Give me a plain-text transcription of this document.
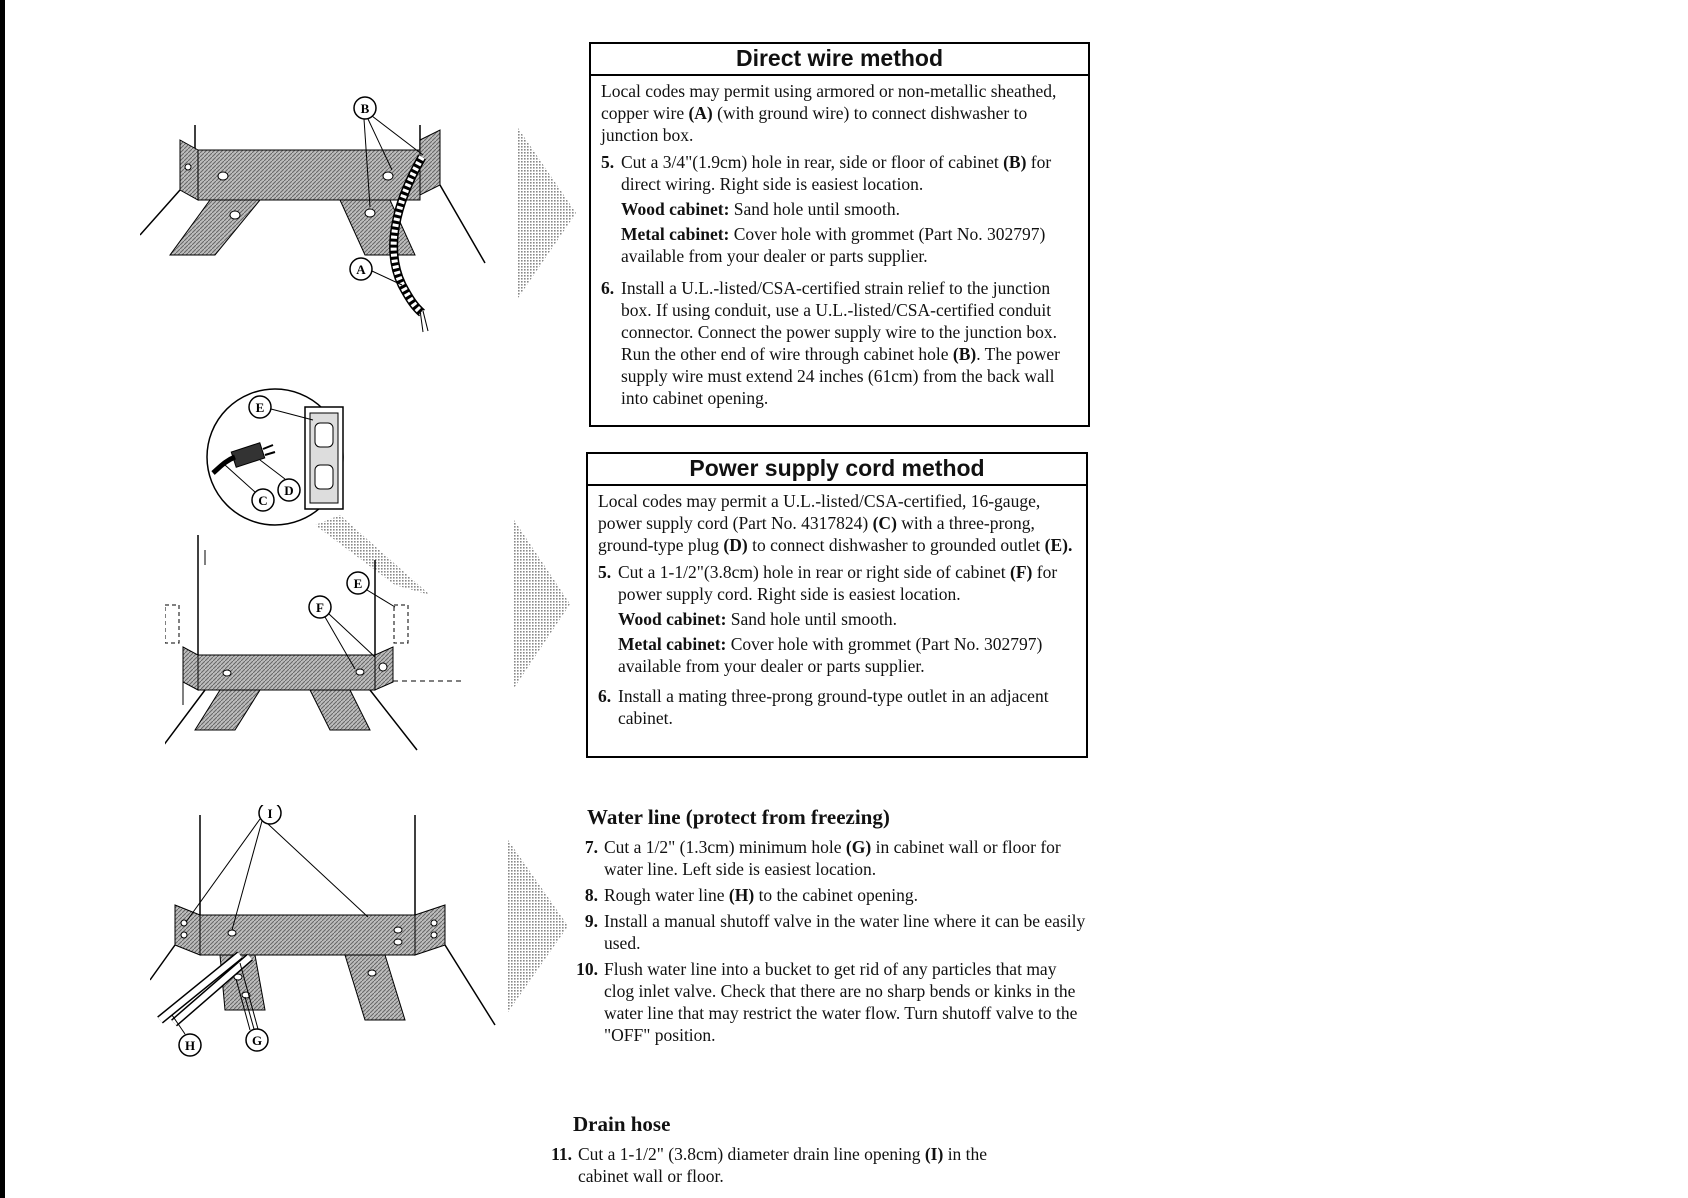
B
A
E
C
D
E
F
I
H	G
Direct wire method

Local codes may permit using armored or non-metallic sheathed, copper wire (A) (with ground wire) to connect dishwasher to junction box.

5. Cut a 3/4"(1.9cm) hole in rear, side or floor of cabinet (B) for direct wiring. Right side is easiest location.
Wood cabinet: Sand hole until smooth.
Metal cabinet: Cover hole with grommet (Part No. 302797) available from your dealer or parts supplier.
6. Install a U.L.-listed/CSA-certified strain relief to the junction box. If using conduit, use a U.L.-listed/CSA-certified conduit connector. Connect the power supply wire to the junction box. Run the other end of wire through cabinet hole (B). The power supply wire must extend 24 inches (61cm) from the back wall into cabinet opening.
Power supply cord method

Local codes may permit a U.L.-listed/CSA-certified, 16-gauge, power supply cord (Part No. 4317824) (C) with a three-prong, ground-type plug (D) to connect dishwasher to grounded outlet (E).

5. Cut a 1-1/2"(3.8cm) hole in rear or right side of cabinet (F) for power supply cord. Right side is easiest location.
Wood cabinet: Sand hole until smooth.
Metal cabinet: Cover hole with grommet (Part No. 302797) available from your dealer or parts supplier.
6. Install a mating three-prong ground-type outlet in an adjacent cabinet.
Water line (protect from freezing)
7. Cut a 1/2" (1.3cm) minimum hole (G) in cabinet wall or floor for water line. Left side is easiest location.
8. Rough water line (H) to the cabinet opening.
9. Install a manual shutoff valve in the water line where it can be easily used.
10. Flush water line into a bucket to get rid of any particles that may clog inlet valve. Check that there are no sharp bends or kinks in the water line that may restrict the water flow. Turn shutoff valve to the "OFF" position.
Drain hose
11. Cut a 1-1/2" (3.8cm) diameter drain line opening (I) in the cabinet wall or floor.
